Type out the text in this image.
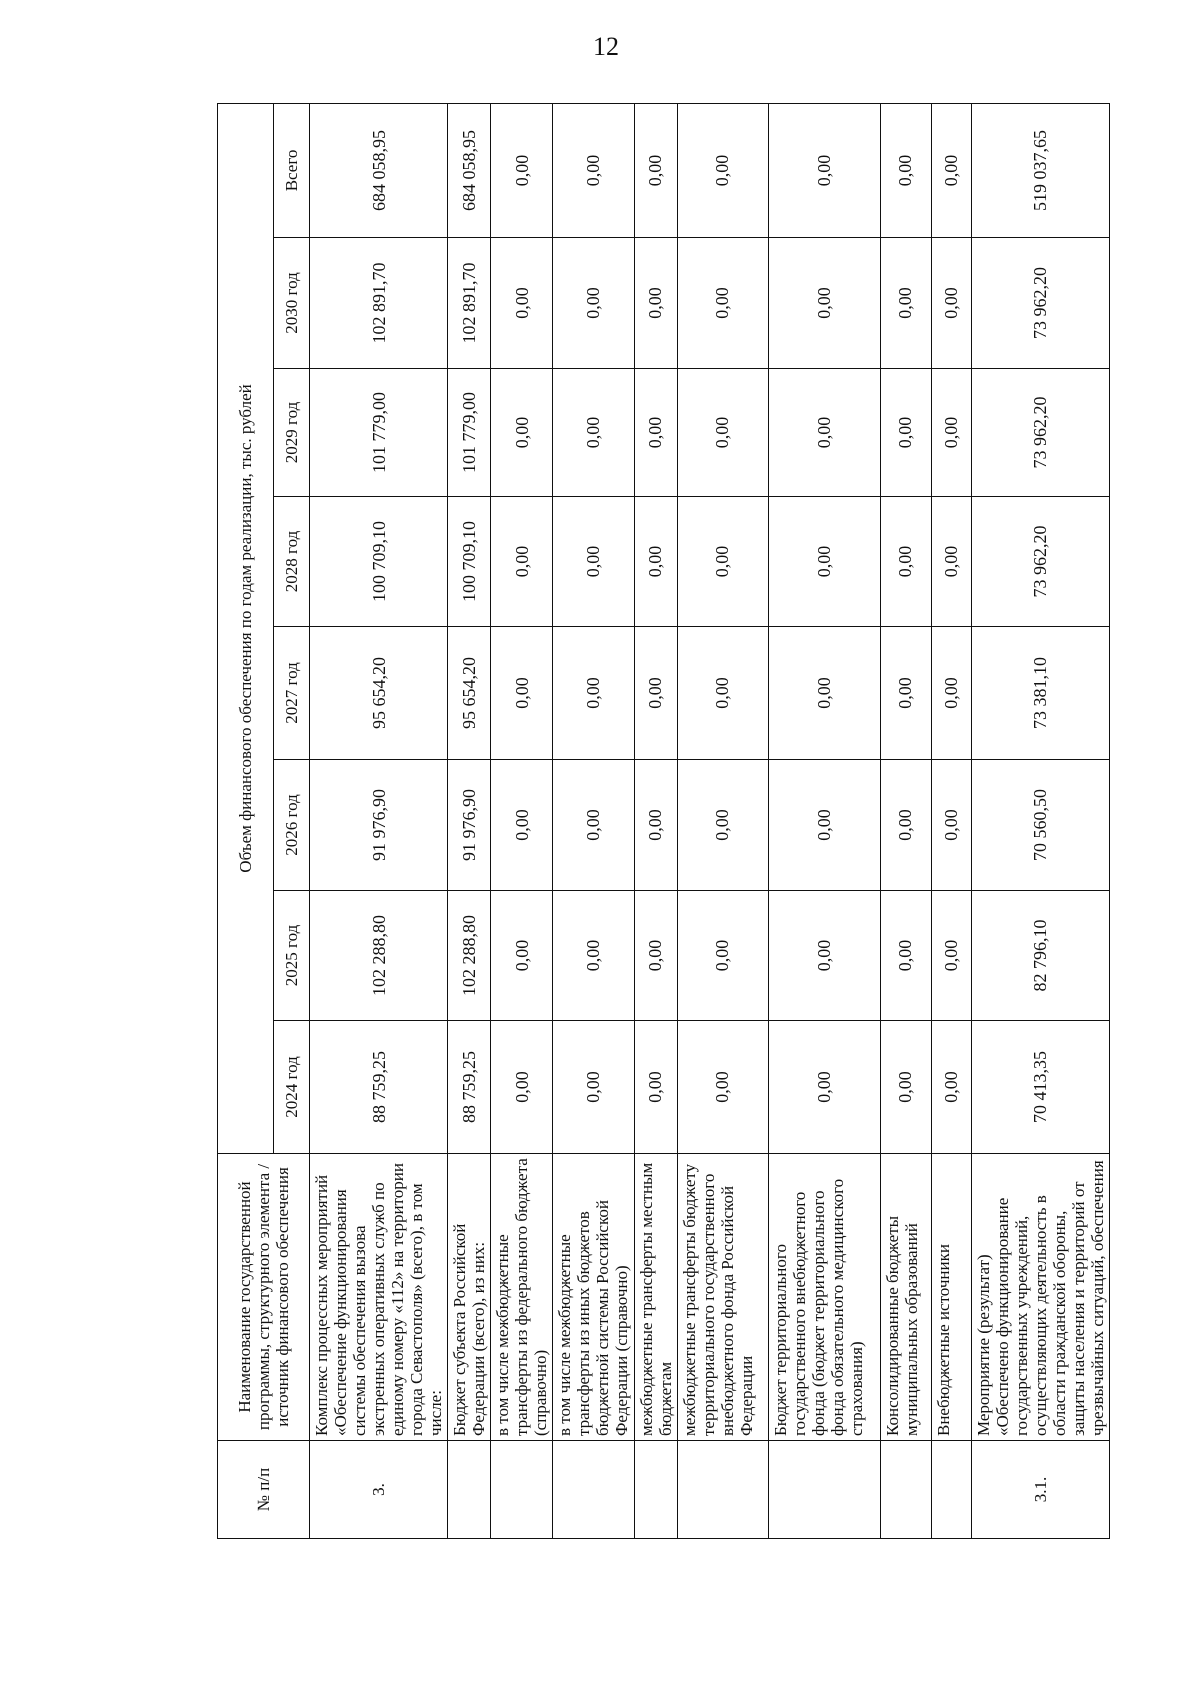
12
№ п/п	Наименование государственной программы, структурного элемента / источник финансового обеспечения	Объем финансового обеспечения по годам реализации, тыс. рублей							
		2024 год	2025 год	2026 год	2027 год	2028 год	2029 год	2030 год	Всего
3.	Комплекс процессных мероприятий «Обеспечение функционирования системы обеспечения вызова экстренных оперативных служб по единому номеру «112» на территории города Севастополя» (всего), в том числе:	88 759,25	102 288,80	91 976,90	95 654,20	100 709,10	101 779,00	102 891,70	684 058,95
	Бюджет субъекта Российской Федерации (всего), из них:	88 759,25	102 288,80	91 976,90	95 654,20	100 709,10	101 779,00	102 891,70	684 058,95
	в том числе межбюджетные трансферты из федерального бюджета (справочно)	0,00	0,00	0,00	0,00	0,00	0,00	0,00	0,00
	в том числе межбюджетные трансферты из иных бюджетов бюджетной системы Российской Федерации (справочно)	0,00	0,00	0,00	0,00	0,00	0,00	0,00	0,00
	межбюджетные трансферты местным бюджетам	0,00	0,00	0,00	0,00	0,00	0,00	0,00	0,00
	межбюджетные трансферты бюджету территориального государственного внебюджетного фонда Российской Федерации	0,00	0,00	0,00	0,00	0,00	0,00	0,00	0,00
	Бюджет территориального государственного внебюджетного фонда (бюджет территориального фонда обязательного медицинского страхования)	0,00	0,00	0,00	0,00	0,00	0,00	0,00	0,00
	Консолидированные бюджеты муниципальных образований	0,00	0,00	0,00	0,00	0,00	0,00	0,00	0,00
	Внебюджетные источники	0,00	0,00	0,00	0,00	0,00	0,00	0,00	0,00
3.1.	Мероприятие (результат) «Обеспечено функционирование государственных учреждений, осуществляющих деятельность в области гражданской обороны, защиты населения и территорий от чрезвычайных ситуаций, обеспечения	70 413,35	82 796,10	70 560,50	73 381,10	73 962,20	73 962,20	73 962,20	519 037,65
